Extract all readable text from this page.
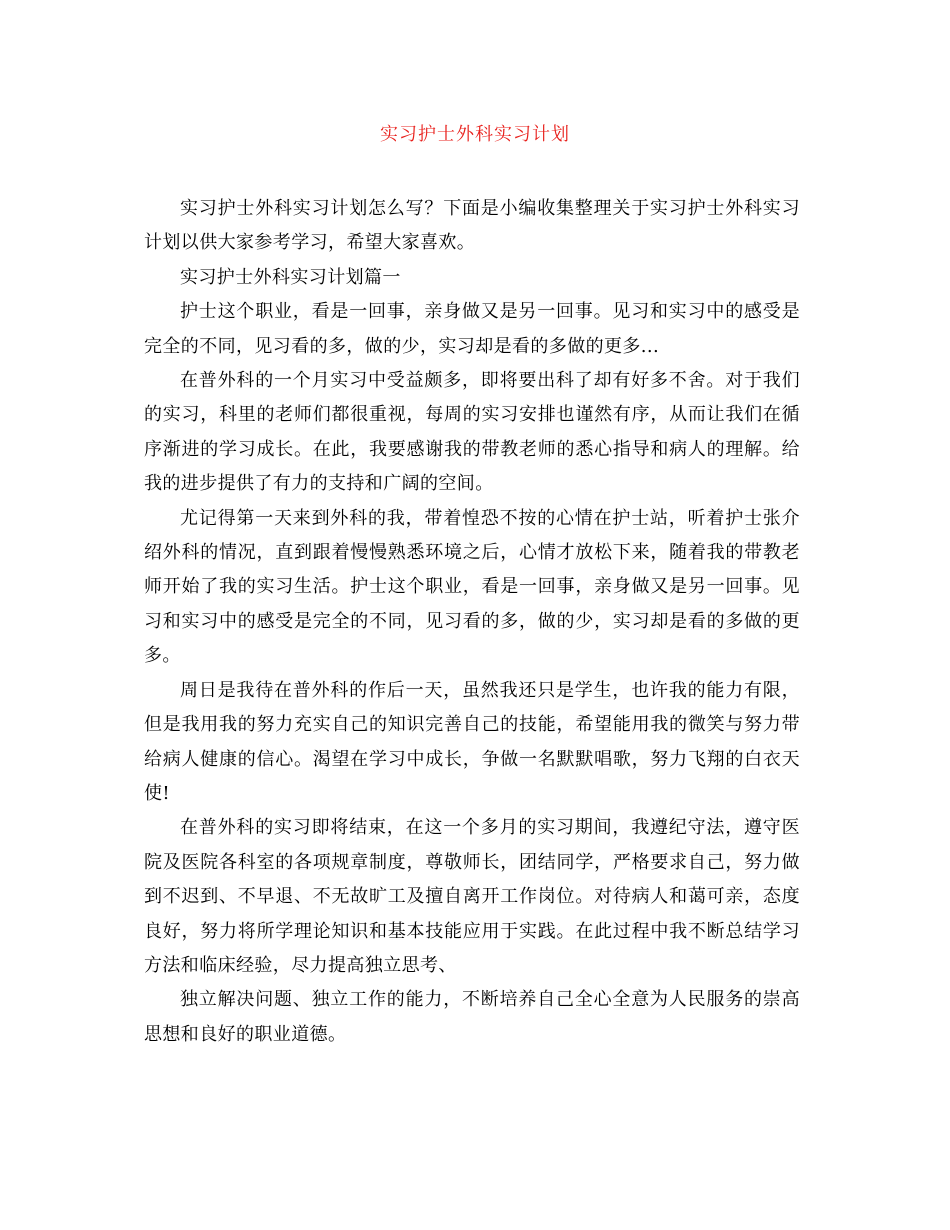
实习护士外科实习计划

实习护士外科实习计划怎么写？下面是小编收集整理关于实习护士外科实习计划以供大家参考学习，希望大家喜欢。

实习护士外科实习计划篇一

护士这个职业，看是一回事，亲身做又是另一回事。见习和实习中的感受是完全的不同，见习看的多，做的少，实习却是看的多做的更多...

在普外科的一个月实习中受益颇多，即将要出科了却有好多不舍。对于我们的实习，科里的老师们都很重视，每周的实习安排也谨然有序，从而让我们在循序渐进的学习成长。在此，我要感谢我的带教老师的悉心指导和病人的理解。给我的进步提供了有力的支持和广阔的空间。

尤记得第一天来到外科的我，带着惶恐不按的心情在护士站，听着护士张介绍外科的情况，直到跟着慢慢熟悉环境之后，心情才放松下来，随着我的带教老师开始了我的实习生活。护士这个职业，看是一回事，亲身做又是另一回事。见习和实习中的感受是完全的不同，见习看的多，做的少，实习却是看的多做的更多。

周日是我待在普外科的作后一天，虽然我还只是学生，也许我的能力有限，但是我用我的努力充实自己的知识完善自己的技能，希望能用我的微笑与努力带给病人健康的信心。渴望在学习中成长，争做一名默默唱歌，努力飞翔的白衣天使!

在普外科的实习即将结束，在这一个多月的实习期间，我遵纪守法，遵守医院及医院各科室的各项规章制度，尊敬师长，团结同学，严格要求自己，努力做到不迟到、不早退、不无故旷工及擅自离开工作岗位。对待病人和蔼可亲，态度良好，努力将所学理论知识和基本技能应用于实践。在此过程中我不断总结学习方法和临床经验，尽力提高独立思考、

独立解决问题、独立工作的能力，不断培养自己全心全意为人民服务的崇高思想和良好的职业道德。
